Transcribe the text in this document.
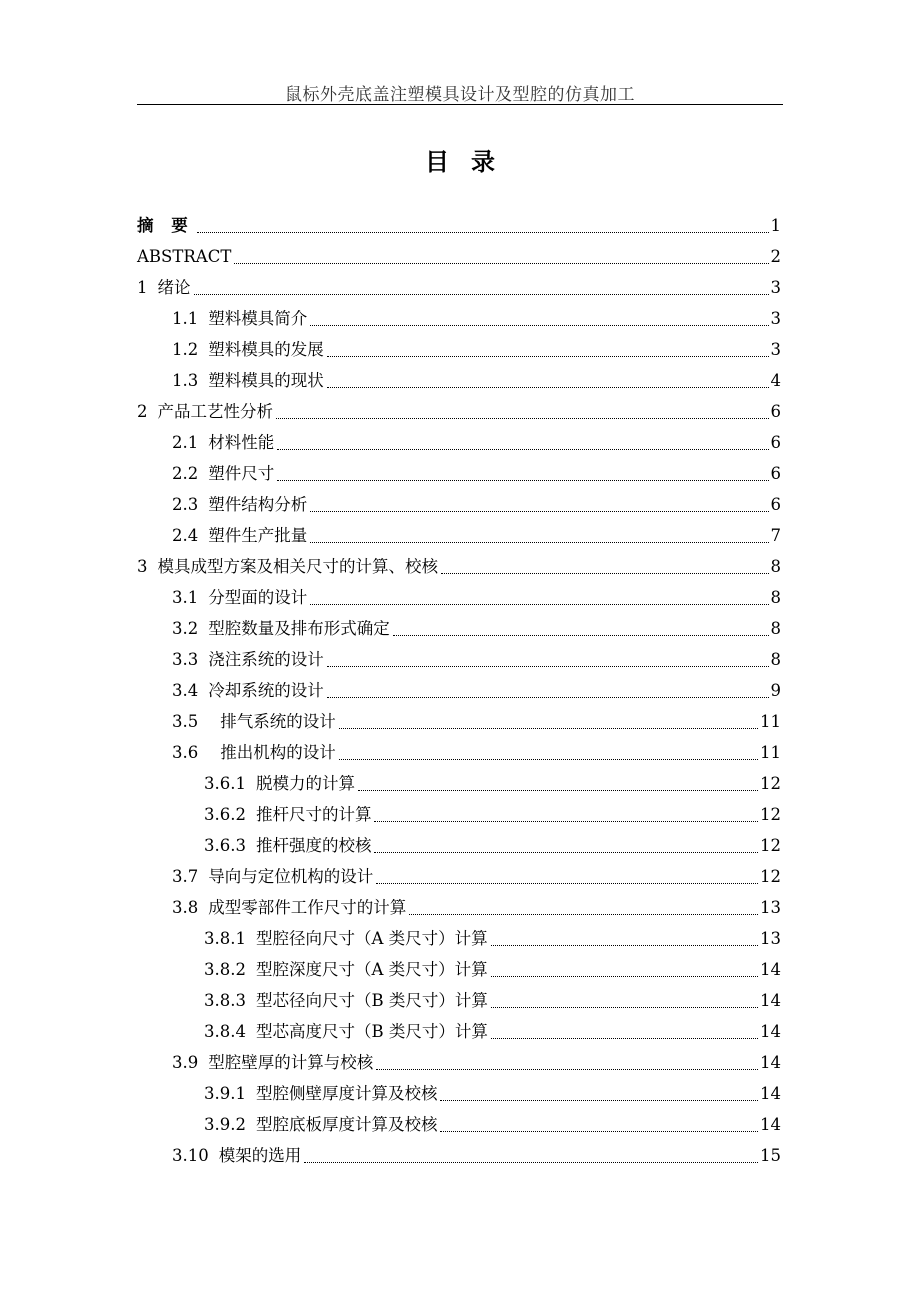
鼠标外壳底盖注塑模具设计及型腔的仿真加工
目录
摘 要	1
ABSTRACT	2
1 绪论	3
1.1 塑料模具简介	3
1.2 塑料模具的发展	3
1.3 塑料模具的现状	4
2 产品工艺性分析	6
2.1 材料性能	6
2.2 塑件尺寸	6
2.3 塑件结构分析	6
2.4 塑件生产批量	7
3 模具成型方案及相关尺寸的计算、校核	8
3.1 分型面的设计	8
3.2 型腔数量及排布形式确定	8
3.3 浇注系统的设计	8
3.4 冷却系统的设计	9
3.5 排气系统的设计	11
3.6 推出机构的设计	11
3.6.1 脱模力的计算	12
3.6.2 推杆尺寸的计算	12
3.6.3 推杆强度的校核	12
3.7 导向与定位机构的设计	12
3.8 成型零部件工作尺寸的计算	13
3.8.1 型腔径向尺寸（A 类尺寸）计算	13
3.8.2 型腔深度尺寸（A 类尺寸）计算	14
3.8.3 型芯径向尺寸（B 类尺寸）计算	14
3.8.4 型芯高度尺寸（B 类尺寸）计算	14
3.9 型腔壁厚的计算与校核	14
3.9.1 型腔侧壁厚度计算及校核	14
3.9.2 型腔底板厚度计算及校核	14
3.10 模架的选用	15
